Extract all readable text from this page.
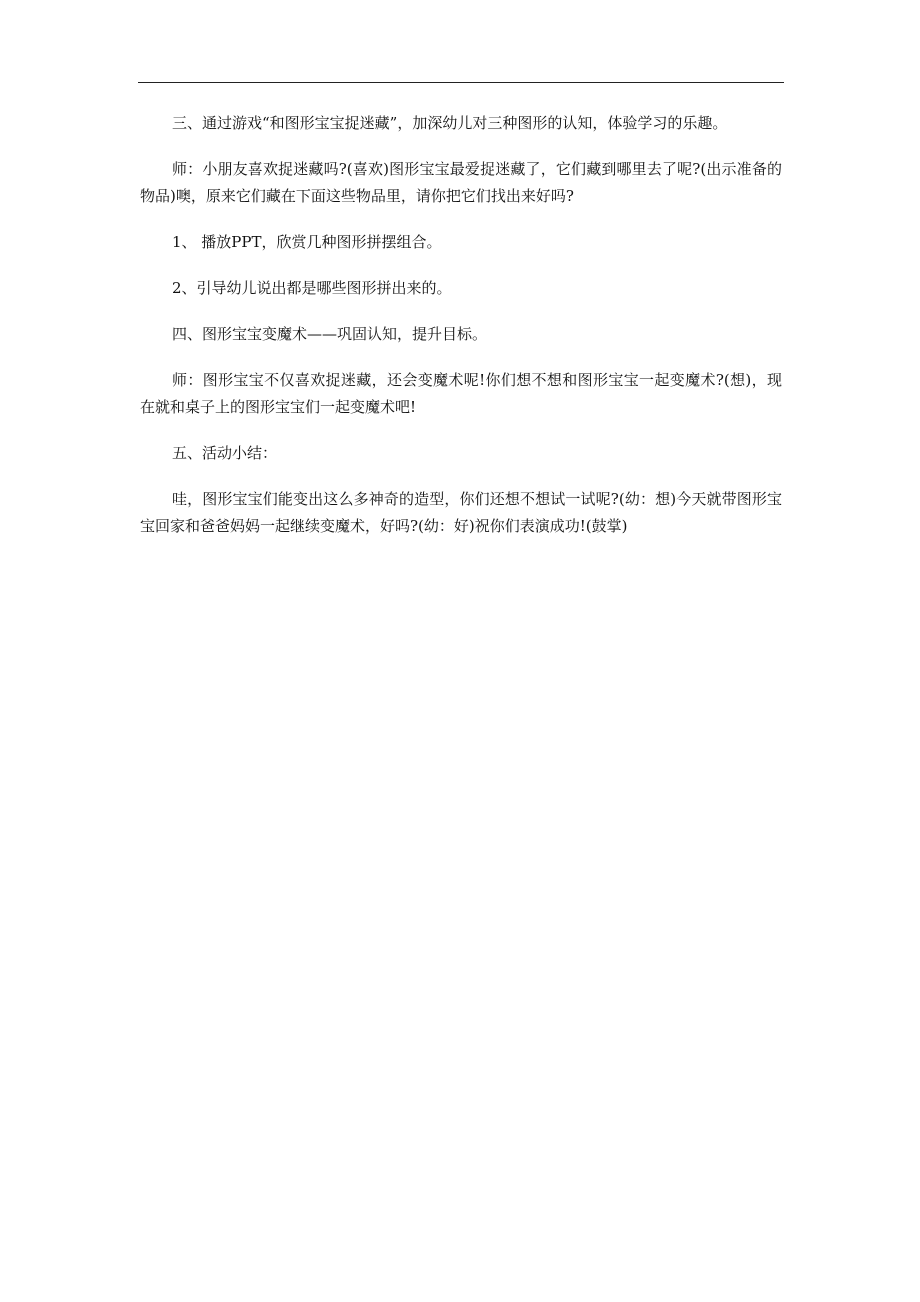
三、通过游戏“和图形宝宝捉迷藏”，加深幼儿对三种图形的认知，体验学习的乐趣。

师：小朋友喜欢捉迷藏吗?(喜欢)图形宝宝最爱捉迷藏了，它们藏到哪里去了呢?(出示准备的物品)噢，原来它们藏在下面这些物品里，请你把它们找出来好吗?

1、 播放PPT，欣赏几种图形拼摆组合。

2、引导幼儿说出都是哪些图形拼出来的。

四、图形宝宝变魔术——巩固认知，提升目标。

师：图形宝宝不仅喜欢捉迷藏，还会变魔术呢!你们想不想和图形宝宝一起变魔术?(想)，现在就和桌子上的图形宝宝们一起变魔术吧!

五、活动小结：

哇，图形宝宝们能变出这么多神奇的造型，你们还想不想试一试呢?(幼：想)今天就带图形宝宝回家和爸爸妈妈一起继续变魔术，好吗?(幼：好)祝你们表演成功!(鼓掌)
